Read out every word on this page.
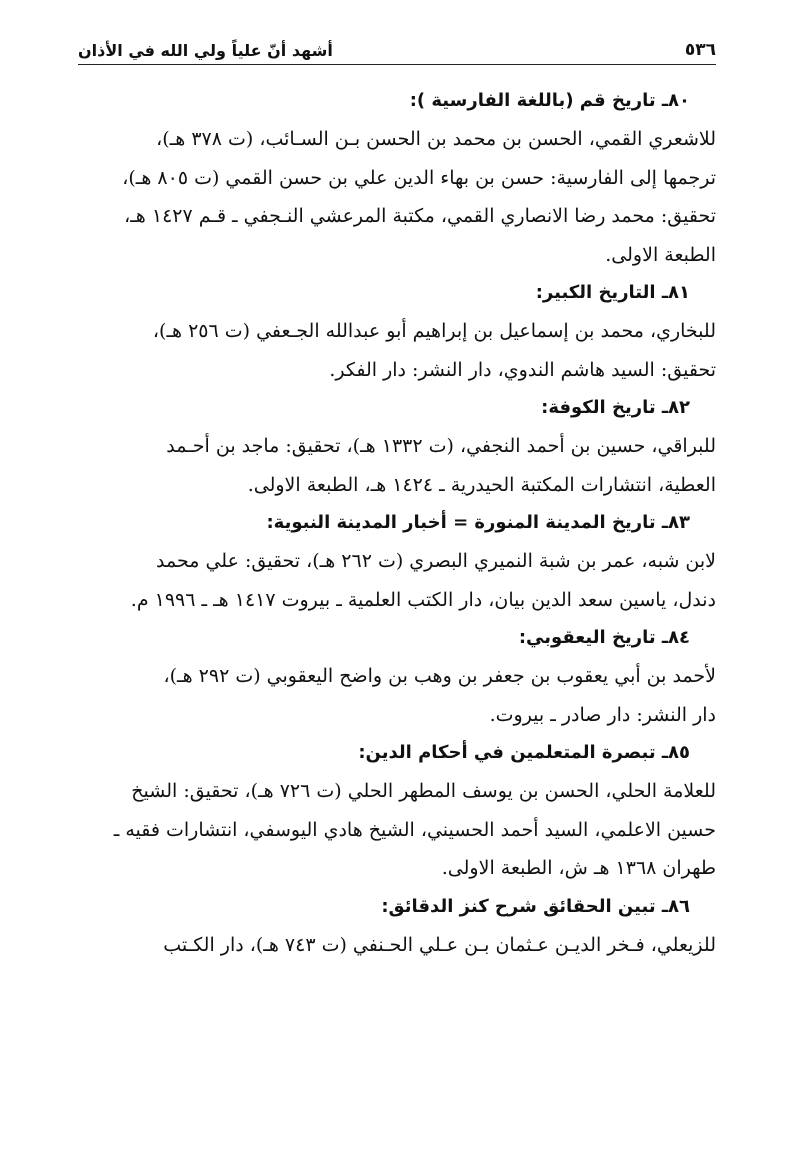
٥٣٦
أشهد أنّ علياً ولي الله في الأذان

٨٠ـ تاريخ قم (باللغة الفارسية ):

للاشعري القمي، الحسن بن محمد بن الحسن بـن السـائب، (ت ٣٧٨ هـ)،

ترجمها إلى الفارسية: حسن بن بهاء الدين علي بن حسن القمي (ت ٨٠٥ هـ)،

تحقيق: محمد رضا الانصاري القمي، مكتبة المرعشي النـجفي ـ قـم ١٤٢٧ هـ،

الطبعة الاولى.

٨١ـ التاريخ الكبير:

للبخاري، محمد بن إسماعيل بن إبراهيم أبو عبدالله الجـعفي (ت ٢٥٦ هـ)،

تحقيق: السيد هاشم الندوي، دار النشر: دار الفكر.

٨٢ـ تاريخ الكوفة:

للبراقي، حسين بن أحمد النجفي، (ت ١٣٣٢ هـ)، تحقيق: ماجد بن أحـمد

العطية، انتشارات المكتبة الحيدرية ـ ١٤٢٤ هـ، الطبعة الاولى.

٨٣ـ تاريخ المدينة المنورة = أخبار المدينة النبوية:

لابن شبه، عمر بن شبة النميري البصري (ت ٢٦٢ هـ)، تحقيق: علي محمد

دندل، ياسين سعد الدين بيان، دار الكتب العلمية ـ بيروت ١٤١٧ هـ ـ ١٩٩٦ م.

٨٤ـ تاريخ اليعقوبي:

لأحمد بن أبي يعقوب بن جعفر بن وهب بن واضح اليعقوبي (ت ٢٩٢ هـ)،

دار النشر: دار صادر ـ بيروت.

٨٥ـ تبصرة المتعلمين في أحكام الدين:

للعلامة الحلي، الحسن بن يوسف المطهر الحلي (ت ٧٢٦ هـ)، تحقيق: الشيخ

حسين الاعلمي، السيد أحمد الحسيني، الشيخ هادي اليوسفي، انتشارات فقيه ـ

طهران ١٣٦٨ هـ ش، الطبعة الاولى.

٨٦ـ تبين الحقائق شرح كنز الدقائق:

للزيعلي، فـخر الديـن عـثمان بـن عـلي الحـنفي (ت ٧٤٣ هـ)، دار الكـتب
